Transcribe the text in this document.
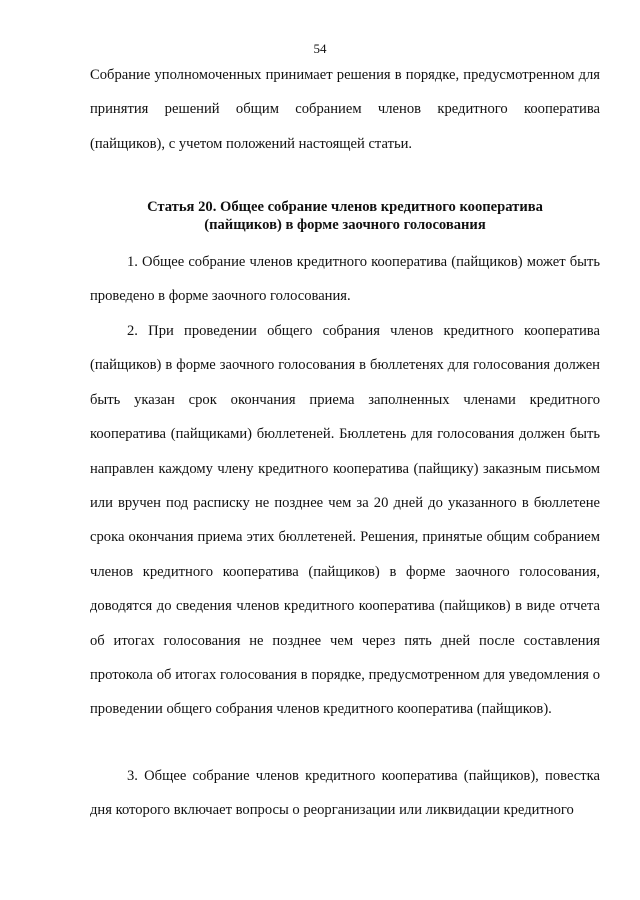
54

Собрание уполномоченных принимает решения в порядке, предусмотренном для принятия решений общим собранием членов кредитного кооператива (пайщиков), с учетом положений настоящей статьи.

Статья 20. Общее собрание членов кредитного кооператива
(пайщиков) в форме заочного голосования

1. Общее собрание членов кредитного кооператива (пайщиков) может быть проведено в форме заочного голосования.

2. При проведении общего собрания членов кредитного кооператива (пайщиков) в форме заочного голосования в бюллетенях для голосования должен быть указан срок окончания приема заполненных членами кредитного кооператива (пайщиками) бюллетеней. Бюллетень для голосования должен быть направлен каждому члену кредитного кооператива (пайщику) заказным письмом или вручен под расписку не позднее чем за 20 дней до указанного в бюллетене срока окончания приема этих бюллетеней. Решения, принятые общим собранием членов кредитного кооператива (пайщиков) в форме заочного голосования, доводятся до сведения членов кредитного кооператива (пайщиков) в виде отчета об итогах голосования не позднее чем через пять дней после составления протокола об итогах голосования в порядке, предусмотренном для уведомления о проведении общего собрания членов кредитного кооператива (пайщиков).

3. Общее собрание членов кредитного кооператива (пайщиков), повестка дня которого включает вопросы о реорганизации или ликвидации кредитного
